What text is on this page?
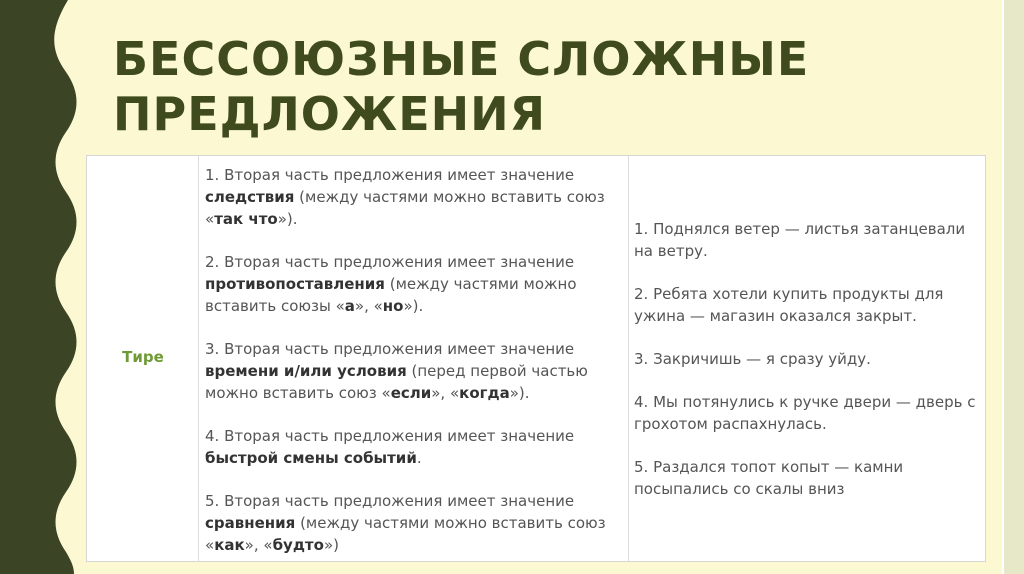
БЕССОЮЗНЫЕ СЛОЖНЫЕ
ПРЕДЛОЖЕНИЯ
Тире

1. Вторая часть предложения имеет значение следствия (между частями можно вставить союз «так что»).

2. Вторая часть предложения имеет значение противопоставления (между частями можно вставить союзы «а», «но»).

3. Вторая часть предложения имеет значение времени и/или условия (перед первой частью можно вставить союз «если», «когда»).

4. Вторая часть предложения имеет значение быстрой смены событий.

5. Вторая часть предложения имеет значение сравнения (между частями можно вставить союз «как», «будто»)

1. Поднялся ветер — листья затанцевали на ветру.

2. Ребята хотели купить продукты для ужина — магазин оказался закрыт.

3. Закричишь — я сразу уйду.

4. Мы потянулись к ручке двери — дверь с грохотом распахнулась.

5. Раздался топот копыт — камни посыпались со скалы вниз
